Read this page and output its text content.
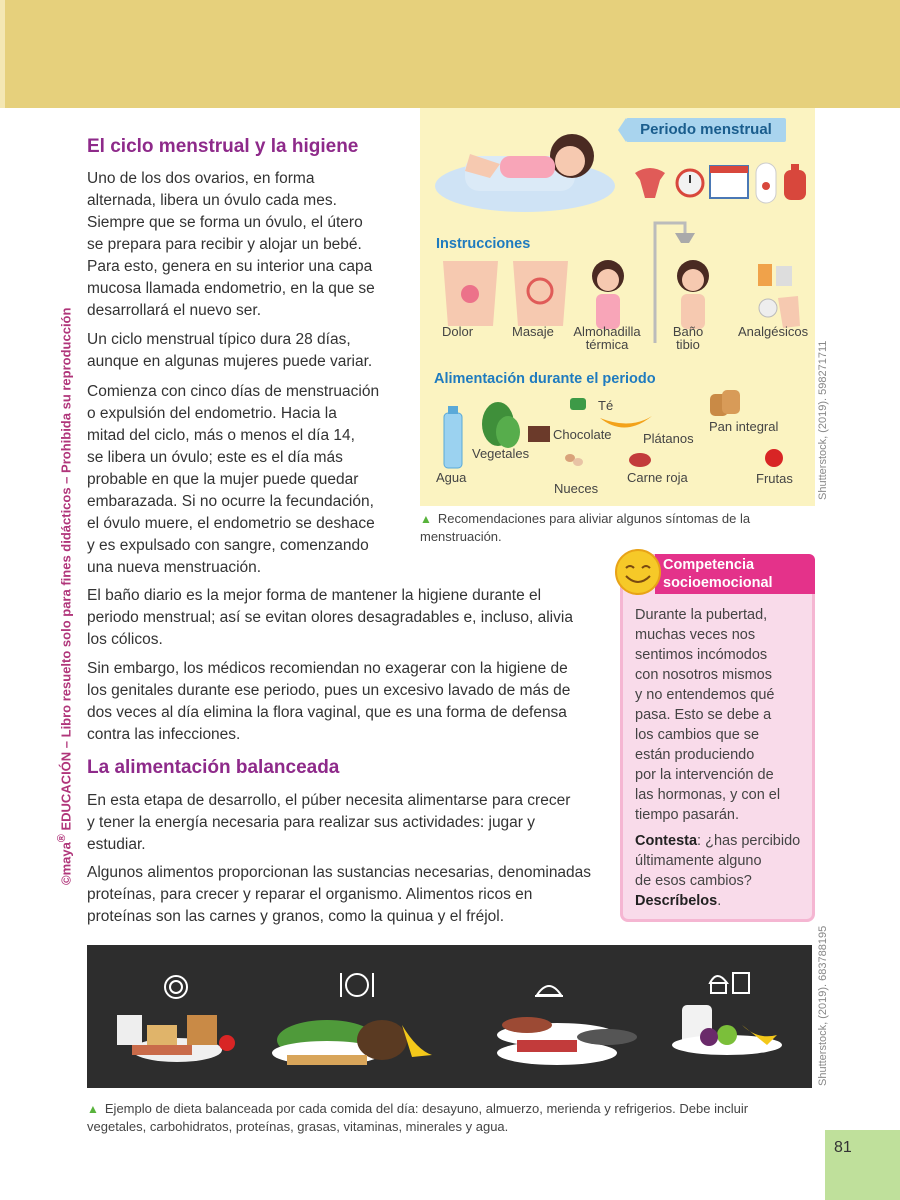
©maya® EDUCACIÓN – Libro resuelto solo para fines didácticos – Prohibida su reproducción
El ciclo menstrual y la higiene
Uno de los dos ovarios, en forma
alternada, libera un óvulo cada mes.
Siempre que se forma un óvulo, el útero
se prepara para recibir y alojar un bebé.
Para esto, genera en su interior una capa
mucosa llamada endometrio, en la que se
desarrollará el nuevo ser.
Un ciclo menstrual típico dura 28 días,
aunque en algunas mujeres puede variar.
Comienza con cinco días de menstruación
o expulsión del endometrio. Hacia la
mitad del ciclo, más o menos el día 14,
se libera un óvulo; este es el día más
probable en que la mujer puede quedar
embarazada. Si no ocurre la fecundación,
el óvulo muere, el endometrio se deshace
y es expulsado con sangre, comenzando
una nueva menstruación.
El baño diario es la mejor forma de mantener la higiene durante el
periodo menstrual; así se evitan olores desagradables e, incluso, alivia
los cólicos.
Sin embargo, los médicos recomiendan no exagerar con la higiene de
los genitales durante ese periodo, pues un excesivo lavado de más de
dos veces al día elimina la flora vaginal, que es una forma de defensa
contra las infecciones.
La alimentación balanceada
En esta etapa de desarrollo, el púber necesita alimentarse para crecer
y tener la energía necesaria para realizar sus actividades: jugar y
estudiar.
Algunos alimentos proporcionan las sustancias necesarias, denominadas
proteínas, para crecer y reparar el organismo. Alimentos ricos en
proteínas son las carnes y granos, como la quinua y el fréjol.
Periodo menstrual
Instrucciones
Dolor	Masaje Almohadilla
térmica
Baño
tibio
Analgésicos
Alimentación durante el periodo
Agua
Vegetales
Chocolate
Té
Nueces
Plátanos
Pan integral
Carne roja	Frutas Shutterstock, (2019). 598271711
▲ Recomendaciones para aliviar algunos síntomas de la
menstruación.
Competencia
socioemocional
Durante la pubertad,
muchas veces nos
sentimos incómodos
con nosotros mismos
y no entendemos qué
pasa. Esto se debe a
los cambios que se
están produciendo
por la intervención de
las hormonas, y con el
tiempo pasarán.
Contesta: ¿has percibido
últimamente alguno
de esos cambios?
Descríbelos.
Shutterstock, (2019). 683788195
▲ Ejemplo de dieta balanceada por cada comida del día: desayuno, almuerzo, merienda y refrigerios. Debe incluir
vegetales, carbohidratos, proteínas, grasas, vitaminas, minerales y agua.
81
